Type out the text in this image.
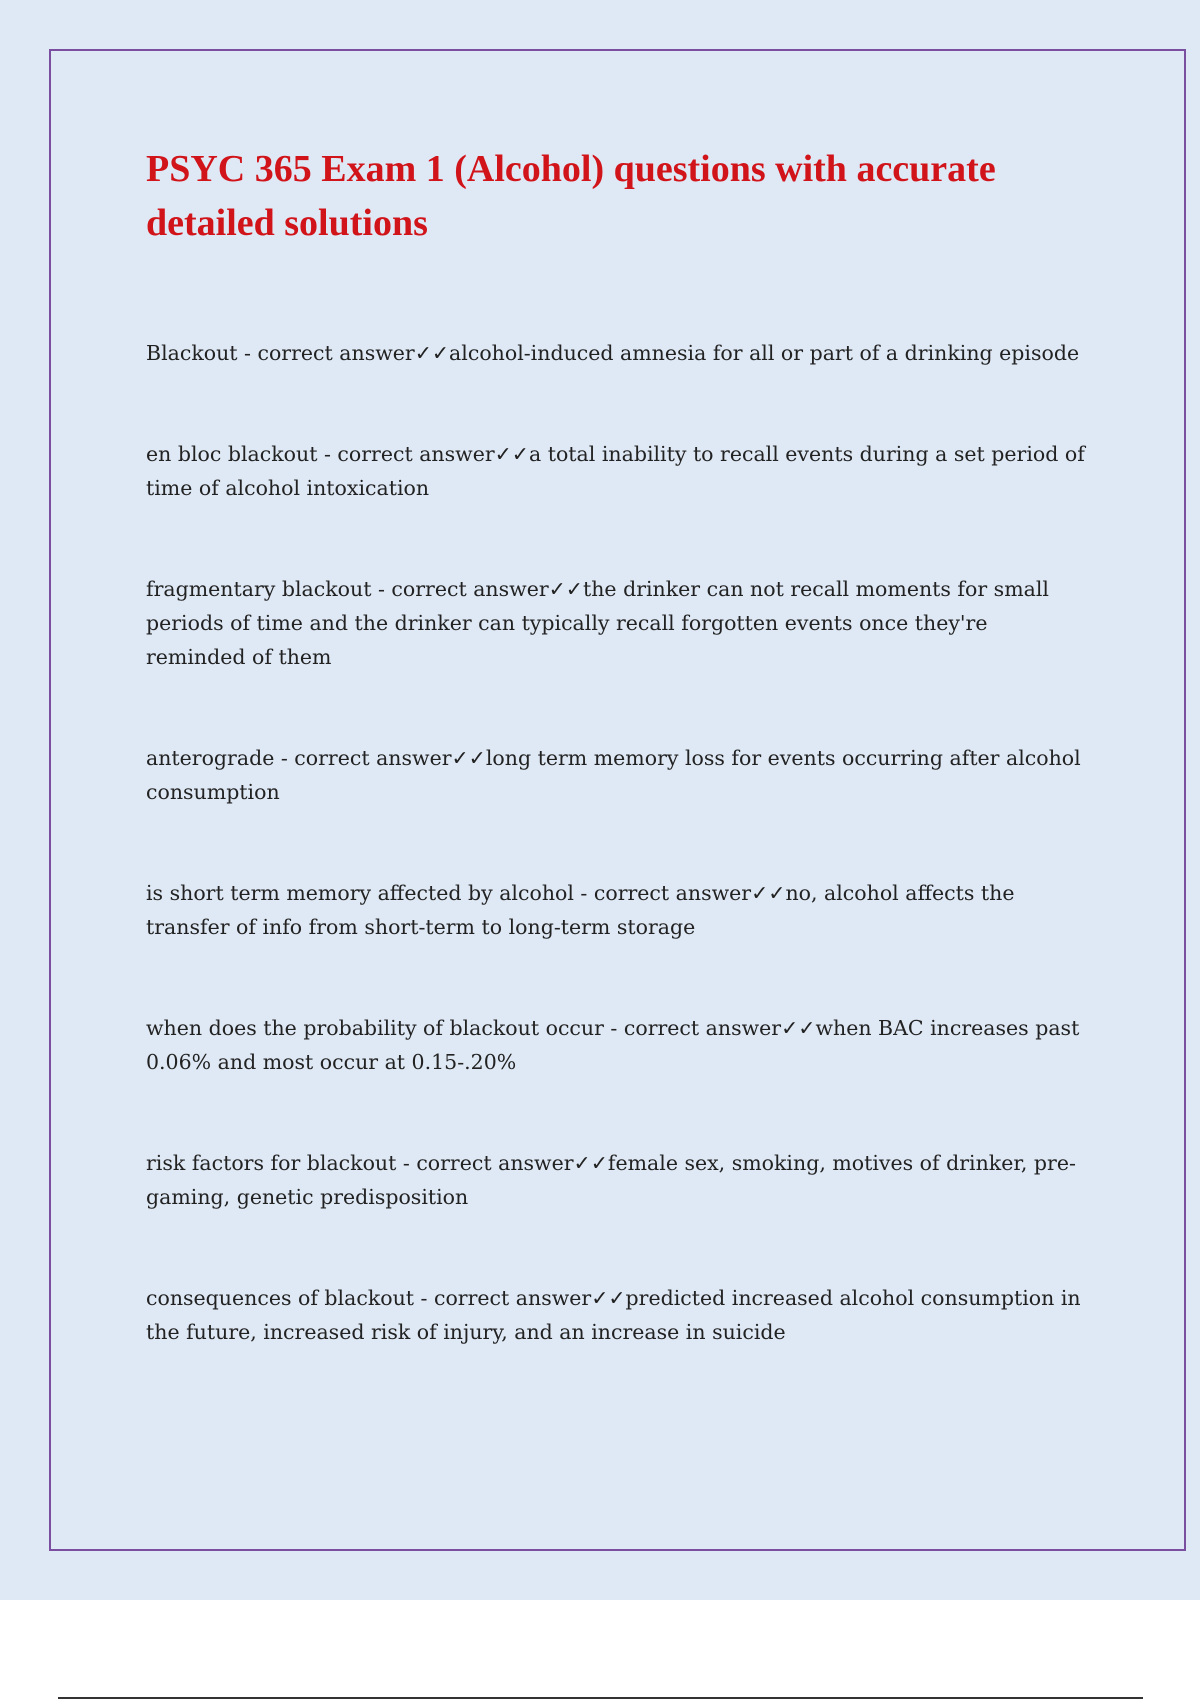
PSYC 365 Exam 1 (Alcohol) questions with accurate detailed solutions

Blackout - correct answer✓✓alcohol-induced amnesia for all or part of a drinking episode

en bloc blackout - correct answer✓✓a total inability to recall events during a set period of time of alcohol intoxication

fragmentary blackout - correct answer✓✓the drinker can not recall moments for small periods of time and the drinker can typically recall forgotten events once they're reminded of them

anterograde - correct answer✓✓long term memory loss for events occurring after alcohol consumption

is short term memory affected by alcohol - correct answer✓✓no, alcohol affects the transfer of info from short-term to long-term storage

when does the probability of blackout occur - correct answer✓✓when BAC increases past 0.06% and most occur at 0.15-.20%

risk factors for blackout - correct answer✓✓female sex, smoking, motives of drinker, pre-gaming, genetic predisposition

consequences of blackout - correct answer✓✓predicted increased alcohol consumption in the future, increased risk of injury, and an increase in suicide
